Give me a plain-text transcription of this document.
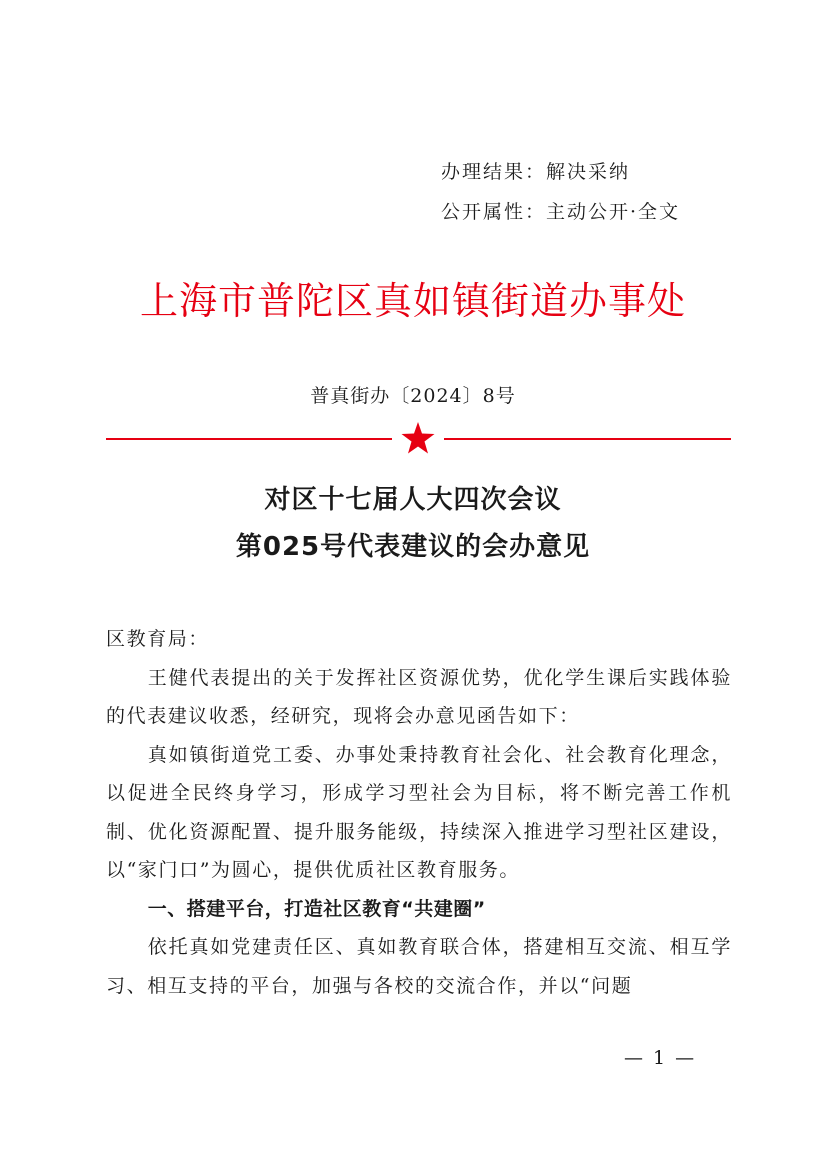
办理结果：解决采纳
公开属性：主动公开·全文
上海市普陀区真如镇街道办事处
普真街办〔2024〕8号
对区十七届人大四次会议
第025号代表建议的会办意见

区教育局：

王健代表提出的关于发挥社区资源优势，优化学生课后实践体验的代表建议收悉，经研究，现将会办意见函告如下：

真如镇街道党工委、办事处秉持教育社会化、社会教育化理念，以促进全民终身学习，形成学习型社会为目标，将不断完善工作机制、优化资源配置、提升服务能级，持续深入推进学习型社区建设，以“家门口”为圆心，提供优质社区教育服务。

一、搭建平台，打造社区教育“共建圈”

依托真如党建责任区、真如教育联合体，搭建相互交流、相互学习、相互支持的平台，加强与各校的交流合作，并以“问题

— 1 —
